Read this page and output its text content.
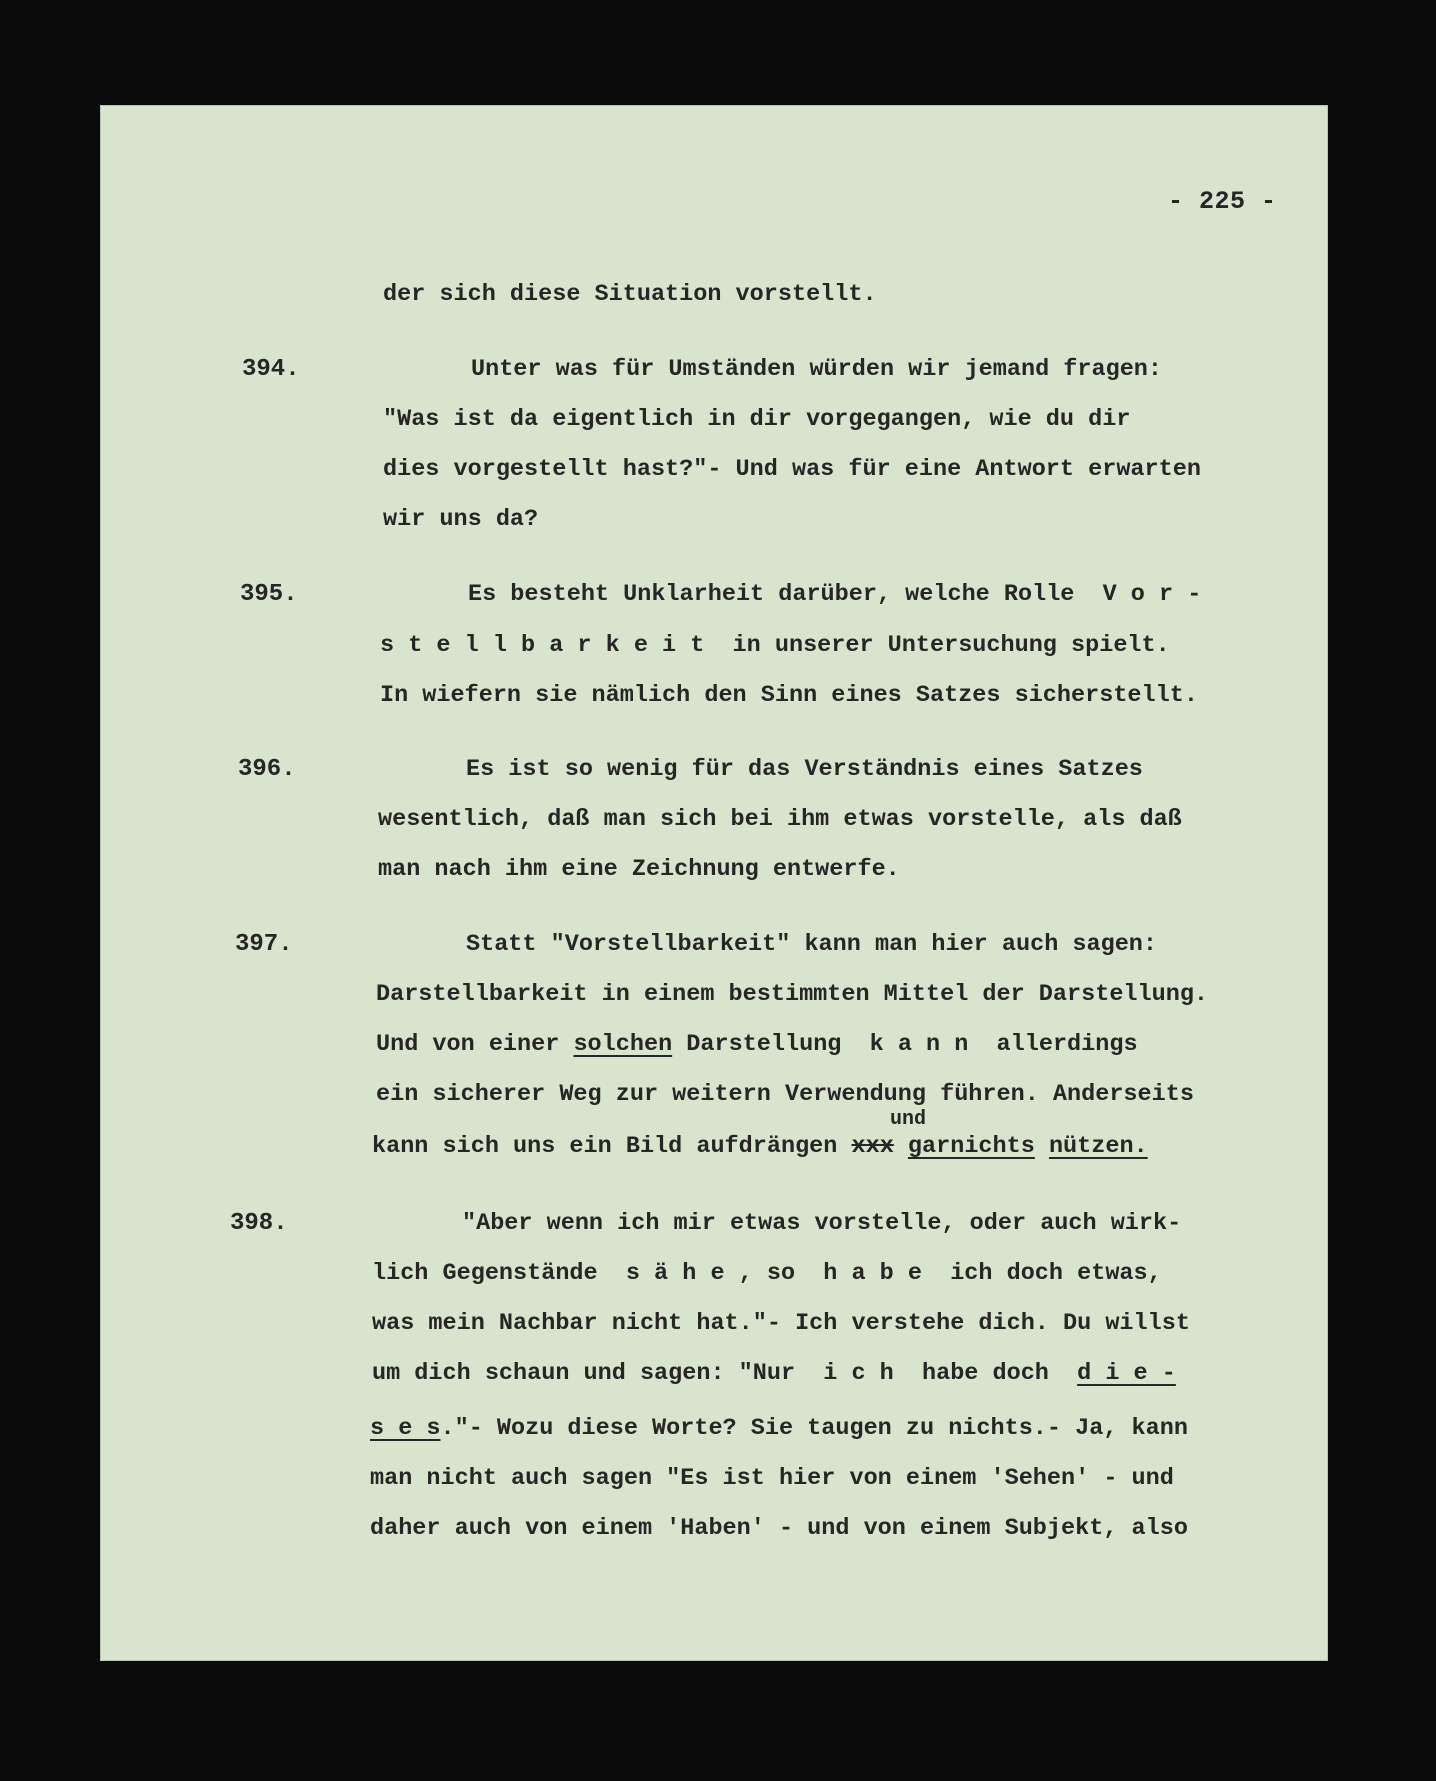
- 225 -
der sich diese Situation vorstellt.
394.	Unter was für Umständen würden wir jemand fragen:
"Was ist da eigentlich in dir vorgegangen, wie du dir
dies vorgestellt hast?"- Und was für eine Antwort erwarten
wir uns da?
395.	Es besteht Unklarheit darüber, welche Rolle  V o r -
s t e l l b a r k e i t  in unserer Untersuchung spielt.
In wiefern sie nämlich den Sinn eines Satzes sicherstellt.
396.	Es ist so wenig für das Verständnis eines Satzes
wesentlich, daß man sich bei ihm etwas vorstelle, als daß
man nach ihm eine Zeichnung entwerfe.
397.	Statt "Vorstellbarkeit" kann man hier auch sagen:
Darstellbarkeit in einem bestimmten Mittel der Darstellung.
Und von einer solchen Darstellung  k a n n  allerdings
ein sicherer Weg zur weitern Verwendung führen. Anderseits
und
kann sich uns ein Bild aufdrängen xxx garnichts nützen.
398.	"Aber wenn ich mir etwas vorstelle, oder auch wirk-
lich Gegenstände  s ä h e , so  h a b e  ich doch etwas,
was mein Nachbar nicht hat."- Ich verstehe dich. Du willst
um dich schaun und sagen: "Nur  i c h  habe doch d i e -
s e s."- Wozu diese Worte? Sie taugen zu nichts.- Ja, kann
man nicht auch sagen "Es ist hier von einem 'Sehen' - und
daher auch von einem 'Haben' - und von einem Subjekt, also
